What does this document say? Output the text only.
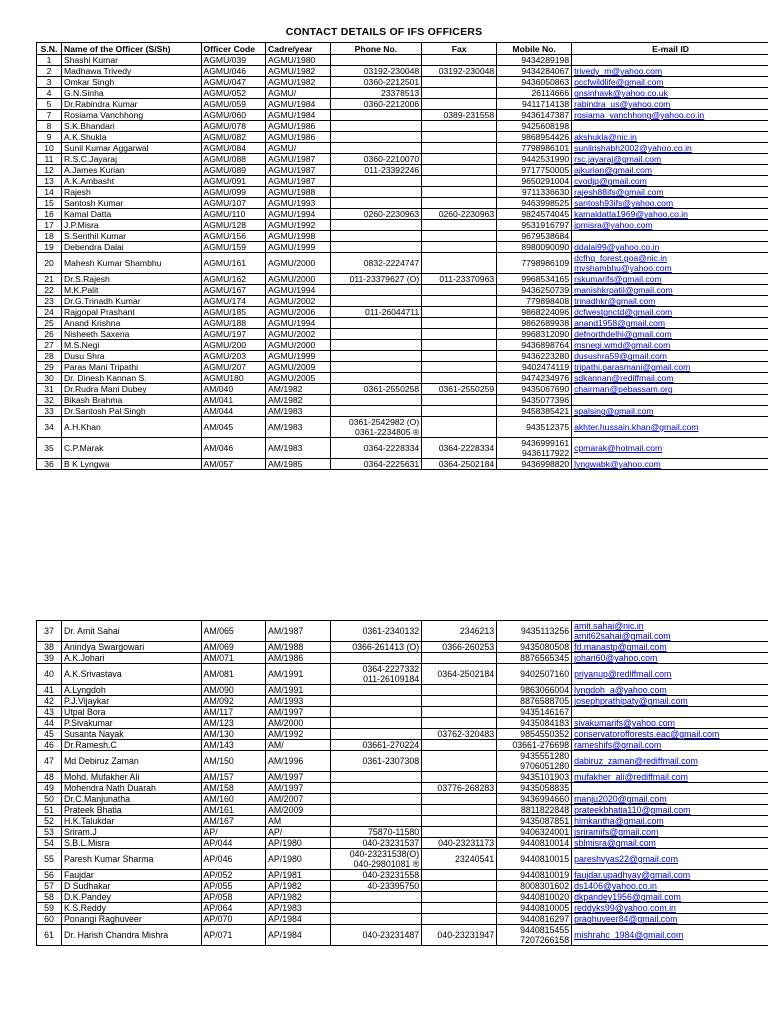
CONTACT DETAILS OF IFS OFFICERS
S.N.	Name of the Officer (S/Sh)	Officer Code	Cadre/year	Phone No.	Fax	Mobile No.	E-mail ID
1	Shashi Kumar	AGMU/039	AGMU/1980			9434289198	

2	Madhawa Trivedy	AGMU/046	AGMU/1982	03192-230048	03192-230048	9434284067	trivedy_m@yahoo.com

3	Omkar Singh	AGMU/047	AGMU/1982	0360-2212501		9436050863	pccfwildlife@gmail.com

4	G.N.Sinha	AGMU/052	AGMU/	23378513		26114666	gnsinhavk@yahoo.co.uk

5	Dr.Rabindra Kumar	AGMU/059	AGMU/1984	0360-2212006		9411714138	rabindra_us@yahoo.com

7	Rosiama Vanchhong	AGMU/060	AGMU/1984		0389-231558	9436147387	rosiama_vanchhong@yahoo.co.in

8	S.K.Bhandari	AGMU/078	AGMU/1986			9425608198	

9	A.K.Shukla	AGMU/082	AGMU/1986			9868954426	akshukla@nic.in

10	Sunil Kumar Aggarwal	AGMU/084	AGMU/			7798986101	sunilrishabh2002@yahoo.co.in

11	R.S.C.Jayaraj	AGMU/088	AGMU/1987	0360-2210070		9442531990	rsc.jayaraj@gmail.com

12	A.James Kurian	AGMU/089	AGMU/1987	011-23392246		9717750005	ajkurian@gmail.com

13	A.K.Ambasht	AGMU/091	AGMU/1987			9650291004	cvodjp@gmail.com

14	Rajesh	AGMU/099	AGMU/1988			9711336630	rajesh88ifs@gmail.com

15	Santosh Kumar	AGMU/107	AGMU/1993			9463998525	santosh93ifs@yahoo.com

16	Kamal Datta	AGMU/110	AGMU/1994	0260-2230963	0260-2230963	9824574045	kamaldatta1969@yahoo.co.in

17	J.P.Misra	AGMU/128	AGMU/1992			9531916797	jpmisra@yahoo.com

18	S.Senthil Kumar	AGMU/156	AGMU/1998			9679538684	

19	Debendra Dalai	AGMU/159	AGMU/1999			8980090090	ddalai99@yahoo.co.in

20	Mahesh Kumar Shambhu	AGMU/161	AGMU/2000	0832-2224747		7798986109	dcfhq_forest.goa@nic.in
mvshambhu@yahoo.com

21	Dr.S.Rajesh	AGMU/162	AGMU/2000	011-23379627 (O)	011-23370963	9968534165	rskumarifs@gmail.com

22	M.K.Palit	AGMU/167	AGMU/1994			9436250739	manishkrpatil@gmail.com

23	Dr.G.Trinadh Kumar	AGMU/174	AGMU/2002			779898408	trinadhkr@gmail.com

24	Rajgopal Prashant	AGMU/185	AGMU/2006	011-26044711		9868224096	dcfwestgnctd@gmail.com

25	Anand Krishna	AGMU/188	AGMU/1994			9862689938	anand1958@gmail.com

26	Nisheeth Saxena	AGMU/197	AGMU/2002			9968312090	defnorthdelhi@gmail.com

27	M.S.Negi	AGMU/200	AGMU/2000			9436898764	msnegi.wmd@gmail.com

28	Dusu Shra	AGMU/203	AGMU/1999			9436223280	dusushra59@gmail.com

29	Paras Mani Tripathi	AGMU/207	AGMU/2009			9402474119	tripathi.parasmani@gmail.com

30	Dr. Dinesh Kannan S.	AGMU180	AGMU/2005			9474234976	sdkannan@rediffmail.com

31	Dr.Rudra Mani Dubey	AM/040	AM/1982	0361-2550258	0361-2550259	9435067690	chairman@pebassam.org

32	Bikash Brahma	AM/041	AM/1982			9435077396	

33	Dr.Santosh Pal Singh	AM/044	AM/1983			9458385421	spalsing@gmail.com

34	A.H.Khan	AM/045	AM/1983	0361-2542982 (O)
0361-2234805 ®		943512375	akhter.hussain.khan@gmail.com

35	C.P.Marak	AM/046	AM/1983	0364-2228334	0364-2228334	9436999161
9436117922	cpmarak@hotmail.com

36	B K Lyngwa	AM/057	AM/1985	0364-2225631	0364-2502184	9436998820	lyngwabk@yahoo.com
37	Dr. Amit Sahai	AM/065	AM/1987	0361-2340132	2346213	9435113256	amit.sahai@nic.in
amit62sahai@gmail.com

38	Anindya Swargowari	AM/069	AM/1988	0366-261413 (O)	0366-260253	9435080508	fd.manastp@gmail.com

39	A.K.Johari	AM/071	AM/1986			8876565345	johari60@yahoo.com

40	A.K.Srivastava	AM/081	AM/1991	0364-2227332
011-26109184	0364-2502184	9402507160	priyanup@rediffmail.com

41	A.Lyngdoh	AM/090	AM/1991			9863066004	lyngdoh_a@yahoo.com

42	P.J.Vijaykar	AM/092	AM/1993			8876588705	josephprathipaty@gmail.com

43	Utpal Bora	AM/117	AM/1997			9435146167	

44	P.Sivakumar	AM/123	AM/2000			9435084183	sivakumarifs@yahoo.com

45	Susanta Nayak	AM/130	AM/1992		03762-320483	9854550352	conservatorofforests.eac@gmail.com

46	Dr.Ramesh.C	AM/143	AM/	03661-270224		03661-276698	rameshifs@gmail.com

47	Md Debiruz Zaman	AM/150	AM/1996	0361-2307308		9435551280
9706051280	dabiruz_zaman@rediffmail.com

48	Mohd. Mufakher Ali	AM/157	AM/1997			9435101903	mufakher_ali@rediffmail.com

49	Mohendra Nath Duarah	AM/158	AM/1997		03776-268283	9435058835	

50	Dr.C.Manjunatha	AM/160	AM/2007			9436994660	manju2020@gmail.com

51	Prateek Bhatia	AM/161	AM/2009			8811822848	prateekbhatia110@gmail.com

52	H.K.Talukdar	AM/167	AM			9435087851	hlmkantha@gmail.com

53	Sriram.J	AP/	AP/	75870-11580		9406324001	jsriramifs@gmail.com

54	S.B.L.Misra	AP/044	AP/1980	040-23231537	040-23231173	9440810014	sblmisra@gmail.com

55	Paresh Kumar Sharma	AP/046	AP/1980	040-23231538(O)
040-29801081 ®	23240541	9440810015	pareshvyas22@gmail.com

56	Faujdar	AP/052	AP/1981	040-23231558		9440810019	faujdar.upadhyay@gmail.com

57	D Sudhakar	AP/055	AP/1982	40-23395750		8008301602	ds1406@yahoo.co.in

58	D.K.Pandey	AP/058	AP/1982			9440810020	dkpandey1956@gmail.com

59	K.S.Reddy	AP/064	AP/1983			9440810005	reddyks99@yahoo.com.in

60	Ponangi Raghuveer	AP/070	AP/1984			9440816297	praghuveer84@gmail.com

61	Dr. Harish Chandra Mishra	AP/071	AP/1984	040-23231487	040-23231947	9440815455
7207266158	mishrahc_1984@gmail.com
